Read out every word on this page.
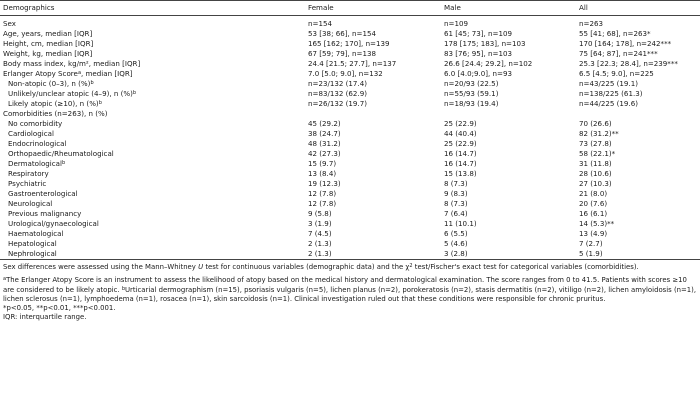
Demographics	Female	Male	All

Sex	n=154	n=109	n=263
Age, years, median [IQR]	53 [38; 66], n=154	61 [45; 73], n=109	55 [41; 68], n=263*
Height, cm, median [IQR]	165 [162; 170], n=139	178 [175; 183], n=103	170 [164; 178], n=242***
Weight, kg, median [IQR]	67 [59; 79], n=138	83 [76; 95], n=103	75 [64; 87], n=241***
Body mass index, kg/m², median [IQR]	24.4 [21.5; 27.7], n=137	26.6 [24.4; 29.2], n=102	25.3 [22.3; 28.4], n=239***
Erlanger Atopy Score$^a$, median [IQR]	7.0 [5.0; 9.0], n=132	6.0 [4.0;9.0], n=93	6.5 [4.5; 9.0], n=225
Non-atopic (0–3), n (%)$^b$	n=23/132 (17.4)	n=20/93 (22.5)	n=43/225 (19.1)
Unlikely/unclear atopic (4–9), n (%)$^b$	n=83/132 (62.9)	n=55/93 (59.1)	n=138/225 (61.3)
Likely atopic (≥10), n (%)$^b$	n=26/132 (19.7)	n=18/93 (19.4)	n=44/225 (19.6)
Comorbidities (n=263), n (%)			
No comorbidity	45 (29.2)	25 (22.9)	70 (26.6)
Cardiological	38 (24.7)	44 (40.4)	82 (31.2)**
Endocrinological	48 (31.2)	25 (22.9)	73 (27.8)
Orthopaedic/Rheumatological	42 (27.3)	16 (14.7)	58 (22.1)*
Dermatological$^b$	15 (9.7)	16 (14.7)	31 (11.8)
Respiratory	13 (8.4)	15 (13.8)	28 (10.6)
Psychiatric	19 (12.3)	8 (7.3)	27 (10.3)
Gastroenterological	12 (7.8)	9 (8.3)	21 (8.0)
Neurological	12 (7.8)	8 (7.3)	20 (7.6)
Previous malignancy	9 (5.8)	7 (6.4)	16 (6.1)
Urological/gynaecological	3 (1.9)	11 (10.1)	14 (5.3)**
Haematological	7 (4.5)	6 (5.5)	13 (4.9)
Hepatological	2 (1.3)	5 (4.6)	7 (2.7)
Nephrological	2 (1.3)	3 (2.8)	5 (1.9)

Sex differences were assessed using the Mann–Whitney U test for continuous variables (demographic data) and the $\chi^2$ test/Fischer's exact test for categorical variables (comorbidities).

$^a$The Erlanger Atopy Score is an instrument to assess the likelihood of atopy based on the medical history and dermatological examination. The score ranges from 0 to 41.5. Patients with scores ≥10 are considered to be likely atopic. $^b$Urticarial dermographism (n=15), psoriasis vulgaris (n=5), lichen planus (n=2), porokeratosis (n=2), stasis dermatitis (n=2), vitiligo (n=2), lichen amyloidosis (n=1), lichen sclerosus (n=1), lymphoedema (n=1), rosacea (n=1), skin sarcoidosis (n=1). Clinical investigation ruled out that these conditions were responsible for chronic pruritus.

*p<0.05, **p<0.01, ***p<0.001.

IQR: interquartile range.
